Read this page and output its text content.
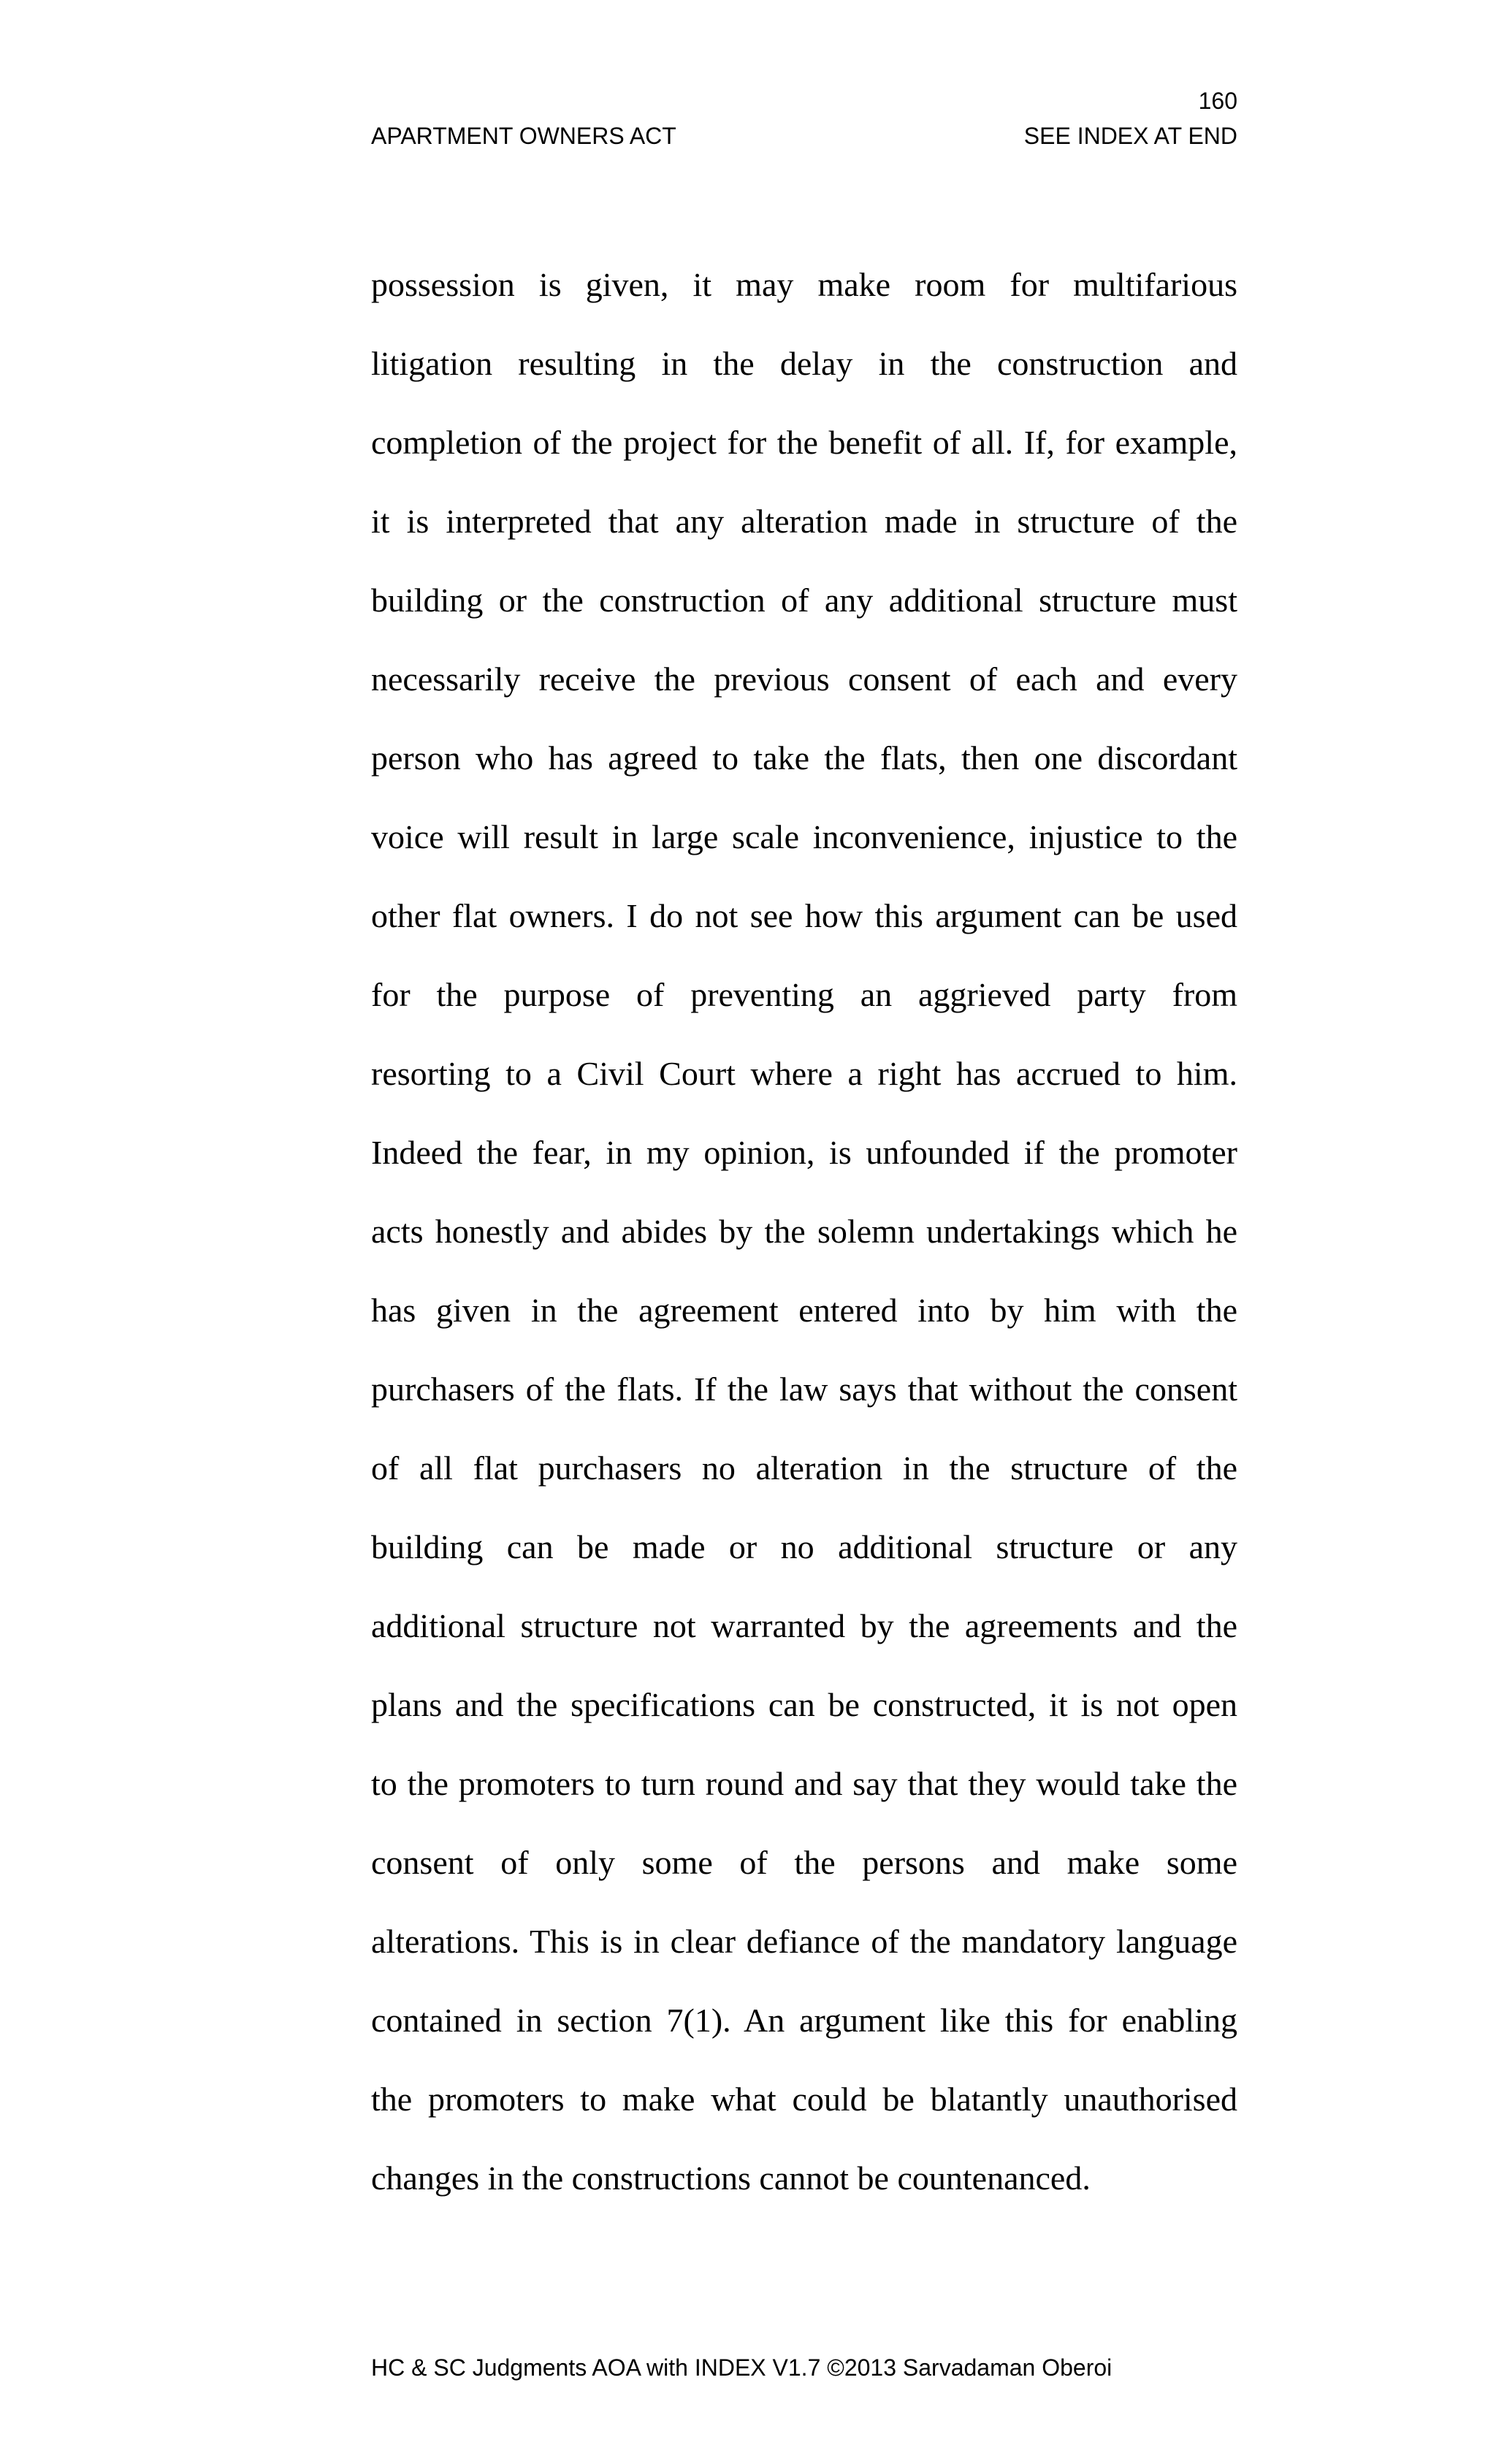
160
APARTMENT OWNERS ACT	SEE INDEX AT END
possession is given, it may make room for multifarious
litigation resulting in the delay in the construction and
completion of the project for the benefit of all. If, for example,
it is interpreted that any alteration made in structure of the
building or the construction of any additional structure must
necessarily receive the previous consent of each and every
person who has agreed to take the flats, then one discordant
voice will result in large scale inconvenience, injustice to the
other flat owners. I do not see how this argument can be used
for the purpose of preventing an aggrieved party from
resorting to a Civil Court where a right has accrued to him.
Indeed the fear, in my opinion, is unfounded if the promoter
acts honestly and abides by the solemn undertakings which he
has given in the agreement entered into by him with the
purchasers of the flats. If the law says that without the consent
of all flat purchasers no alteration in the structure of the
building can be made or no additional structure or any
additional structure not warranted by the agreements and the
plans and the specifications can be constructed, it is not open
to the promoters to turn round and say that they would take the
consent of only some of the persons and make some
alterations. This is in clear defiance of the mandatory language
contained in section 7(1). An argument like this for enabling
the promoters to make what could be blatantly unauthorised
changes in the constructions cannot be countenanced.
HC & SC Judgments AOA with INDEX V1.7 ©2013 Sarvadaman Oberoi
